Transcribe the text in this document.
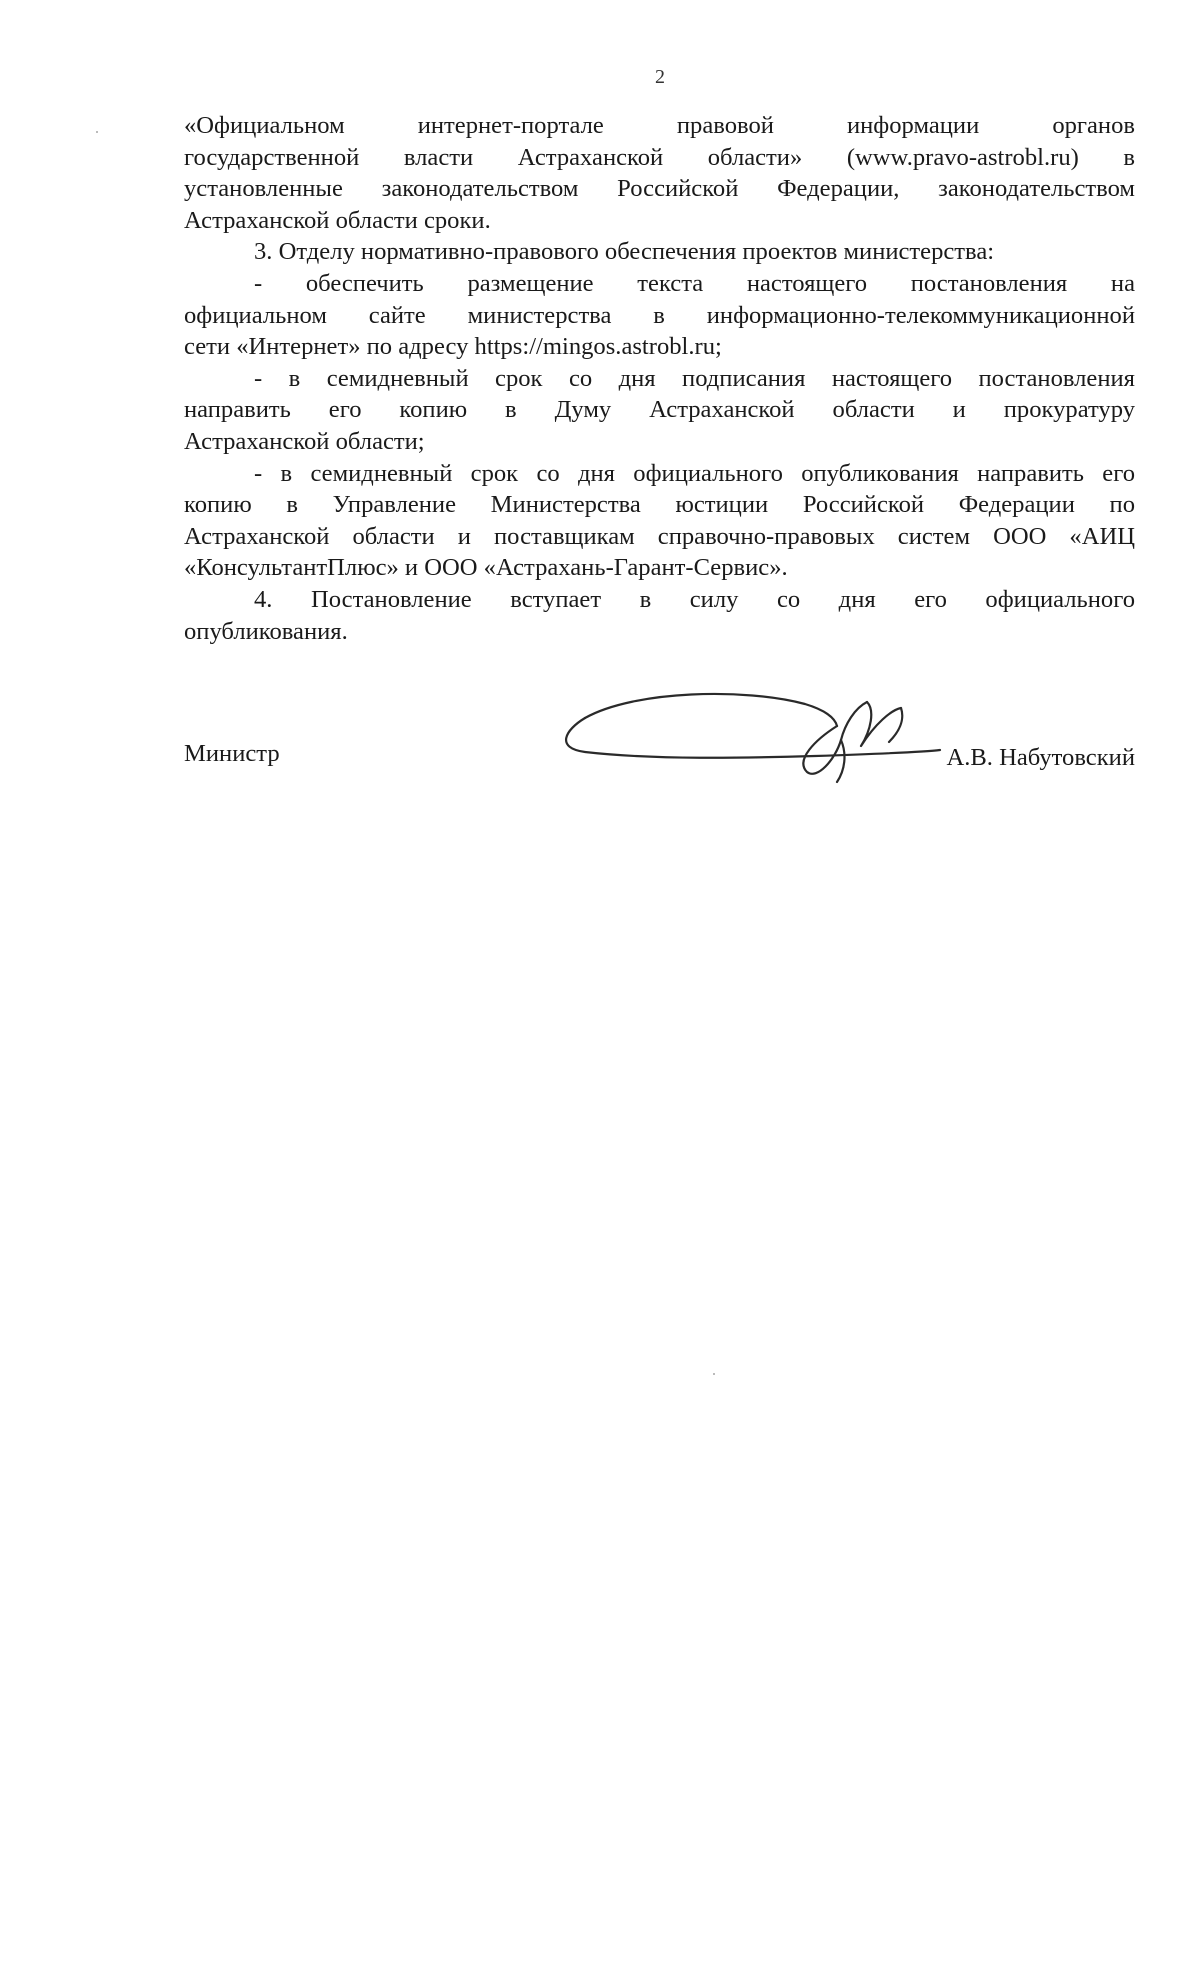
2

«Официальном интернет-портале правовой информации органов

государственной власти Астраханской области» (www.pravo-astrobl.ru) в

установленные законодательством Российской Федерации, законодательством

Астраханской области сроки.

3. Отделу нормативно-правового обеспечения проектов министерства:

- обеспечить размещение текста настоящего постановления на

официальном сайте министерства в информационно-телекоммуникационной

сети «Интернет» по адресу https://mingos.astrobl.ru;

- в семидневный срок со дня подписания настоящего постановления

направить его копию в Думу Астраханской области и прокуратуру

Астраханской области;

- в семидневный срок со дня официального опубликования направить его

копию в Управление Министерства юстиции Российской Федерации по

Астраханской области и поставщикам справочно-правовых систем ООО «АИЦ

«КонсультантПлюс» и ООО «Астрахань-Гарант-Сервис».

4. Постановление вступает в силу со дня его официального

опубликования.

Министр	А.В. Набутовский
